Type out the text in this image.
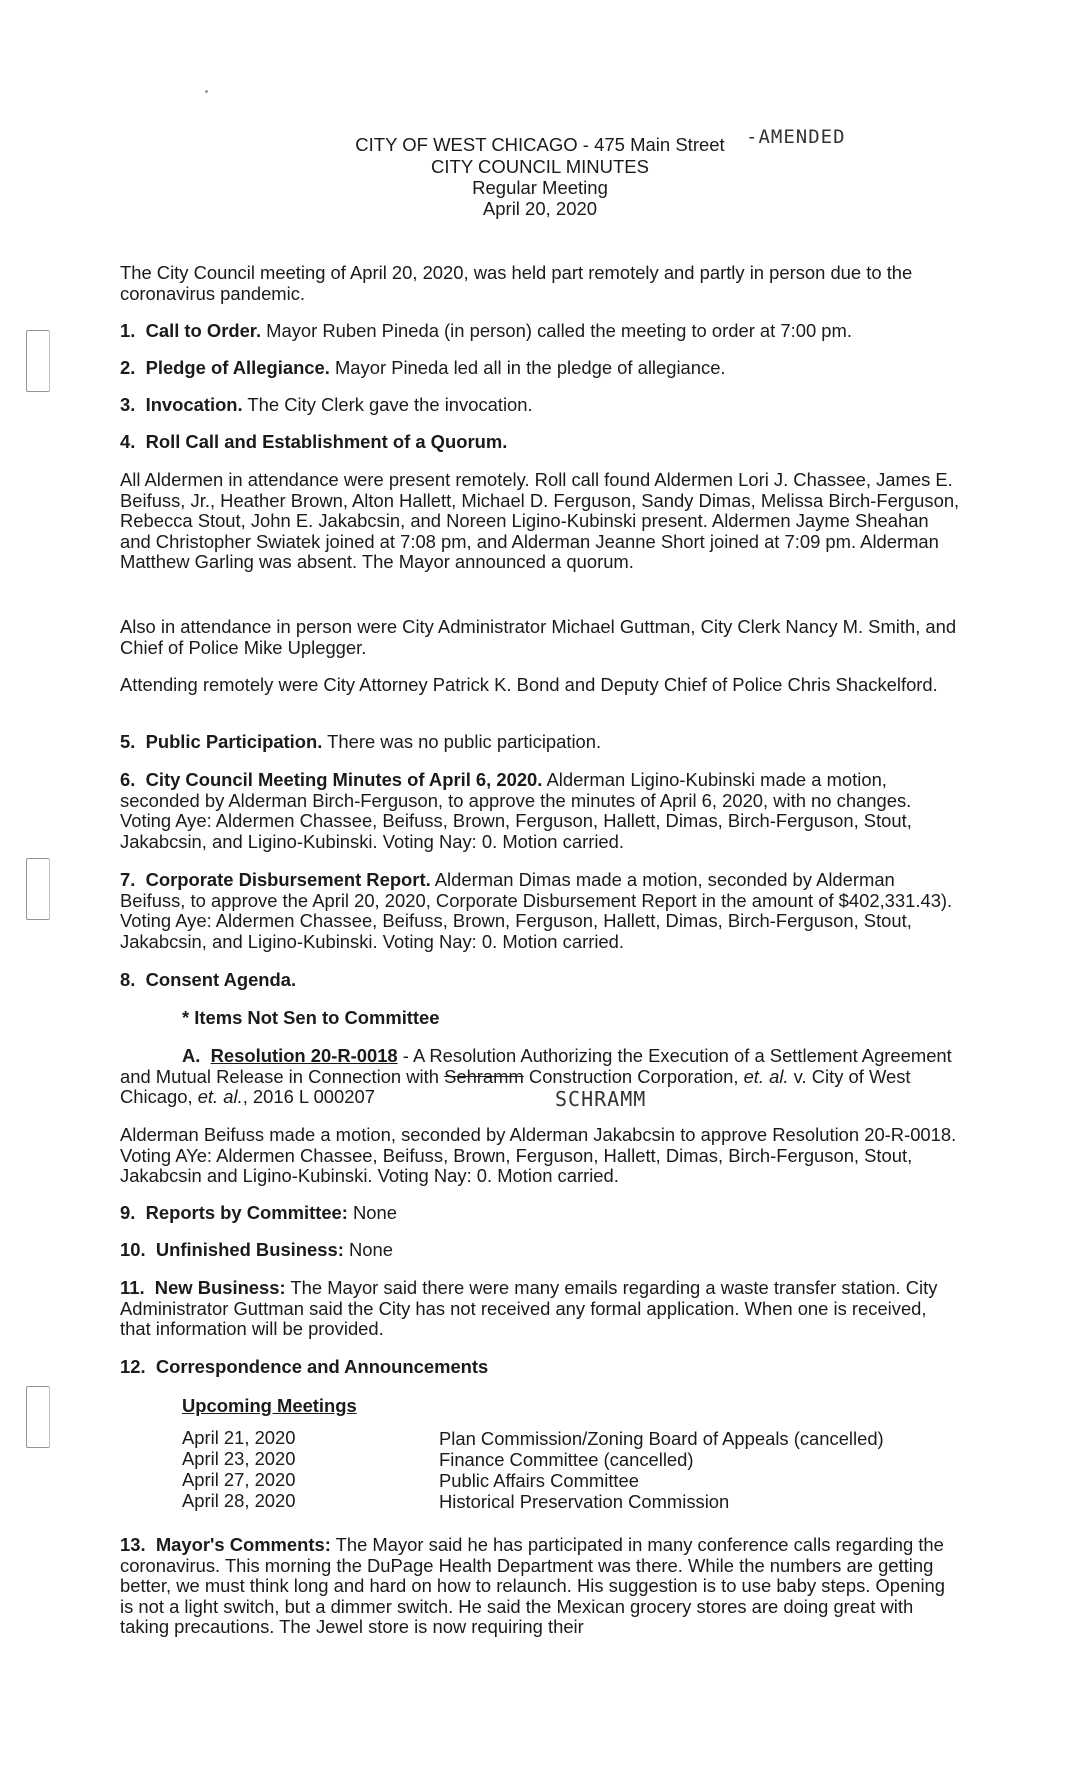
CITY OF WEST CHICAGO - 475 Main Street	-AMENDED
CITY COUNCIL MINUTES
Regular Meeting
April 20, 2020
The City Council meeting of April 20, 2020, was held part remotely and partly in person due to the coronavirus pandemic.
1. Call to Order. Mayor Ruben Pineda (in person) called the meeting to order at 7:00 pm.
2. Pledge of Allegiance. Mayor Pineda led all in the pledge of allegiance.
3. Invocation. The City Clerk gave the invocation.
4. Roll Call and Establishment of a Quorum.
All Aldermen in attendance were present remotely. Roll call found Aldermen Lori J. Chassee, James E. Beifuss, Jr., Heather Brown, Alton Hallett, Michael D. Ferguson, Sandy Dimas, Melissa Birch-Ferguson, Rebecca Stout, John E. Jakabcsin, and Noreen Ligino-Kubinski present. Aldermen Jayme Sheahan and Christopher Swiatek joined at 7:08 pm, and Alderman Jeanne Short joined at 7:09 pm. Alderman Matthew Garling was absent. The Mayor announced a quorum.
Also in attendance in person were City Administrator Michael Guttman, City Clerk Nancy M. Smith, and Chief of Police Mike Uplegger.
Attending remotely were City Attorney Patrick K. Bond and Deputy Chief of Police Chris Shackelford.
5. Public Participation. There was no public participation.
6. City Council Meeting Minutes of April 6, 2020. Alderman Ligino-Kubinski made a motion, seconded by Alderman Birch-Ferguson, to approve the minutes of April 6, 2020, with no changes. Voting Aye: Aldermen Chassee, Beifuss, Brown, Ferguson, Hallett, Dimas, Birch-Ferguson, Stout, Jakabcsin, and Ligino-Kubinski. Voting Nay: 0. Motion carried.
7. Corporate Disbursement Report. Alderman Dimas made a motion, seconded by Alderman Beifuss, to approve the April 20, 2020, Corporate Disbursement Report in the amount of $402,331.43). Voting Aye: Aldermen Chassee, Beifuss, Brown, Ferguson, Hallett, Dimas, Birch-Ferguson, Stout, Jakabcsin, and Ligino-Kubinski. Voting Nay: 0. Motion carried.
8. Consent Agenda.
* Items Not Sen to Committee
A. Resolution 20-R-0018 - A Resolution Authorizing the Execution of a Settlement Agreement and Mutual Release in Connection with Sehramm Construction Corporation, et. al. v. City of West Chicago, et. al., 2016 L 000207	SCHRAMM
Alderman Beifuss made a motion, seconded by Alderman Jakabcsin to approve Resolution 20-R-0018. Voting AYe: Aldermen Chassee, Beifuss, Brown, Ferguson, Hallett, Dimas, Birch-Ferguson, Stout, Jakabcsin and Ligino-Kubinski. Voting Nay: 0. Motion carried.
9. Reports by Committee: None
10. Unfinished Business: None
11. New Business: The Mayor said there were many emails regarding a waste transfer station. City Administrator Guttman said the City has not received any formal application. When one is received, that information will be provided.
12. Correspondence and Announcements
Upcoming Meetings
April 21, 2020	Plan Commission/Zoning Board of Appeals (cancelled)
April 23, 2020	Finance Committee (cancelled)
April 27, 2020	Public Affairs Committee
April 28, 2020	Historical Preservation Commission
13. Mayor's Comments: The Mayor said he has participated in many conference calls regarding the coronavirus. This morning the DuPage Health Department was there. While the numbers are getting better, we must think long and hard on how to relaunch. His suggestion is to use baby steps. Opening is not a light switch, but a dimmer switch. He said the Mexican grocery stores are doing great with taking precautions. The Jewel store is now requiring their
